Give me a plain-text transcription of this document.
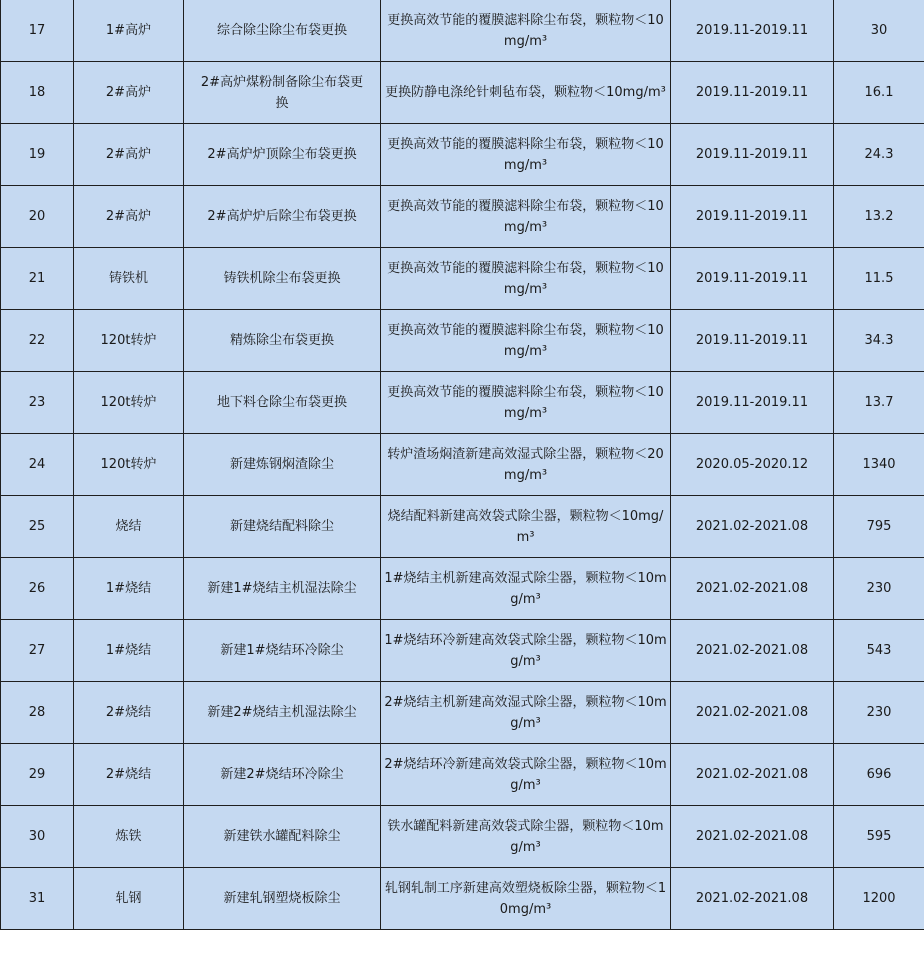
17	1#高炉	综合除尘除尘布袋更换	更换高效节能的覆膜滤料除尘布袋，颗粒物＜10mg/m³	2019.11-2019.11	30
18	2#高炉	2#高炉煤粉制备除尘布袋更换	更换防静电涤纶针刺毡布袋，颗粒物＜10mg/m³	2019.11-2019.11	16.1
19	2#高炉	2#高炉炉顶除尘布袋更换	更换高效节能的覆膜滤料除尘布袋，颗粒物＜10mg/m³	2019.11-2019.11	24.3
20	2#高炉	2#高炉炉后除尘布袋更换	更换高效节能的覆膜滤料除尘布袋，颗粒物＜10mg/m³	2019.11-2019.11	13.2
21	铸铁机	铸铁机除尘布袋更换	更换高效节能的覆膜滤料除尘布袋，颗粒物＜10mg/m³	2019.11-2019.11	11.5
22	120t转炉	精炼除尘布袋更换	更换高效节能的覆膜滤料除尘布袋，颗粒物＜10mg/m³	2019.11-2019.11	34.3
23	120t转炉	地下料仓除尘布袋更换	更换高效节能的覆膜滤料除尘布袋，颗粒物＜10mg/m³	2019.11-2019.11	13.7
24	120t转炉	新建炼钢焖渣除尘	转炉渣场焖渣新建高效湿式除尘器，颗粒物＜20mg/m³	2020.05-2020.12	1340
25	烧结	新建烧结配料除尘	烧结配料新建高效袋式除尘器，颗粒物＜10mg/m³	2021.02-2021.08	795
26	1#烧结	新建1#烧结主机湿法除尘	1#烧结主机新建高效湿式除尘器，颗粒物＜10mg/m³	2021.02-2021.08	230
27	1#烧结	新建1#烧结环冷除尘	1#烧结环冷新建高效袋式除尘器，颗粒物＜10mg/m³	2021.02-2021.08	543
28	2#烧结	新建2#烧结主机湿法除尘	2#烧结主机新建高效湿式除尘器，颗粒物＜10mg/m³	2021.02-2021.08	230
29	2#烧结	新建2#烧结环冷除尘	2#烧结环冷新建高效袋式除尘器，颗粒物＜10mg/m³	2021.02-2021.08	696
30	炼铁	新建铁水罐配料除尘	铁水罐配料新建高效袋式除尘器，颗粒物＜10mg/m³	2021.02-2021.08	595
31	轧钢	新建轧钢塑烧板除尘	轧钢轧制工序新建高效塑烧板除尘器，颗粒物＜10mg/m³	2021.02-2021.08	1200
